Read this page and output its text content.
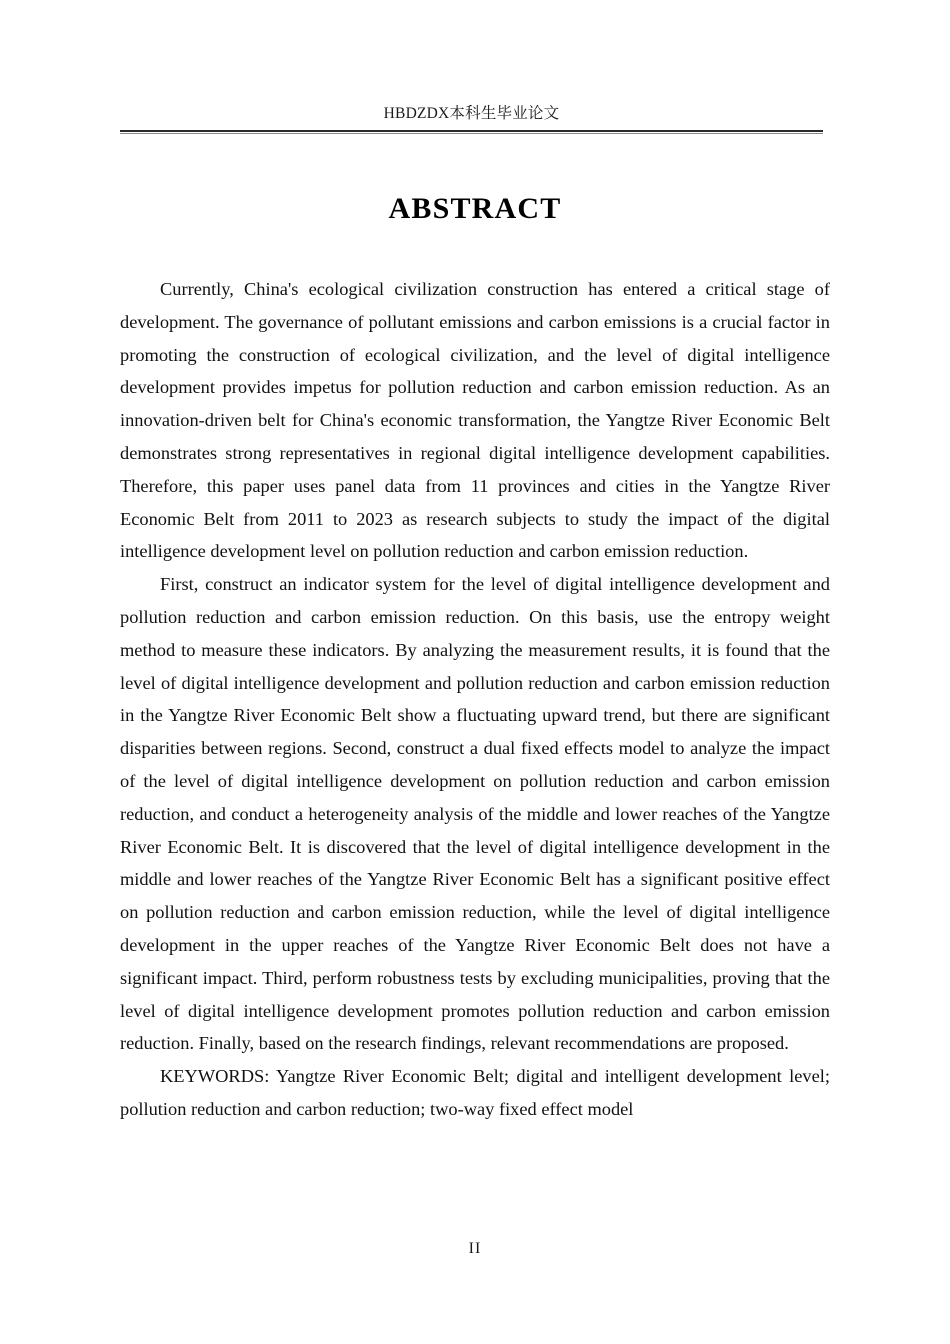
HBDZDX本科生毕业论文
ABSTRACT

Currently, China's ecological civilization construction has entered a critical stage of development. The governance of pollutant emissions and carbon emissions is a crucial factor in promoting the construction of ecological civilization, and the level of digital intelligence development provides impetus for pollution reduction and carbon emission reduction. As an innovation-driven belt for China's economic transformation, the Yangtze River Economic Belt demonstrates strong representatives in regional digital intelligence development capabilities. Therefore, this paper uses panel data from 11 provinces and cities in the Yangtze River Economic Belt from 2011 to 2023 as research subjects to study the impact of the digital intelligence development level on pollution reduction and carbon emission reduction.

First, construct an indicator system for the level of digital intelligence development and pollution reduction and carbon emission reduction. On this basis, use the entropy weight method to measure these indicators. By analyzing the measurement results, it is found that the level of digital intelligence development and pollution reduction and carbon emission reduction in the Yangtze River Economic Belt show a fluctuating upward trend, but there are significant disparities between regions. Second, construct a dual fixed effects model to analyze the impact of the level of digital intelligence development on pollution reduction and carbon emission reduction, and conduct a heterogeneity analysis of the middle and lower reaches of the Yangtze River Economic Belt. It is discovered that the level of digital intelligence development in the middle and lower reaches of the Yangtze River Economic Belt has a significant positive effect on pollution reduction and carbon emission reduction, while the level of digital intelligence development in the upper reaches of the Yangtze River Economic Belt does not have a significant impact. Third, perform robustness tests by excluding municipalities, proving that the level of digital intelligence development promotes pollution reduction and carbon emission reduction. Finally, based on the research findings, relevant recommendations are proposed.

KEYWORDS: Yangtze River Economic Belt; digital and intelligent development level; pollution reduction and carbon reduction; two-way fixed effect model

II
